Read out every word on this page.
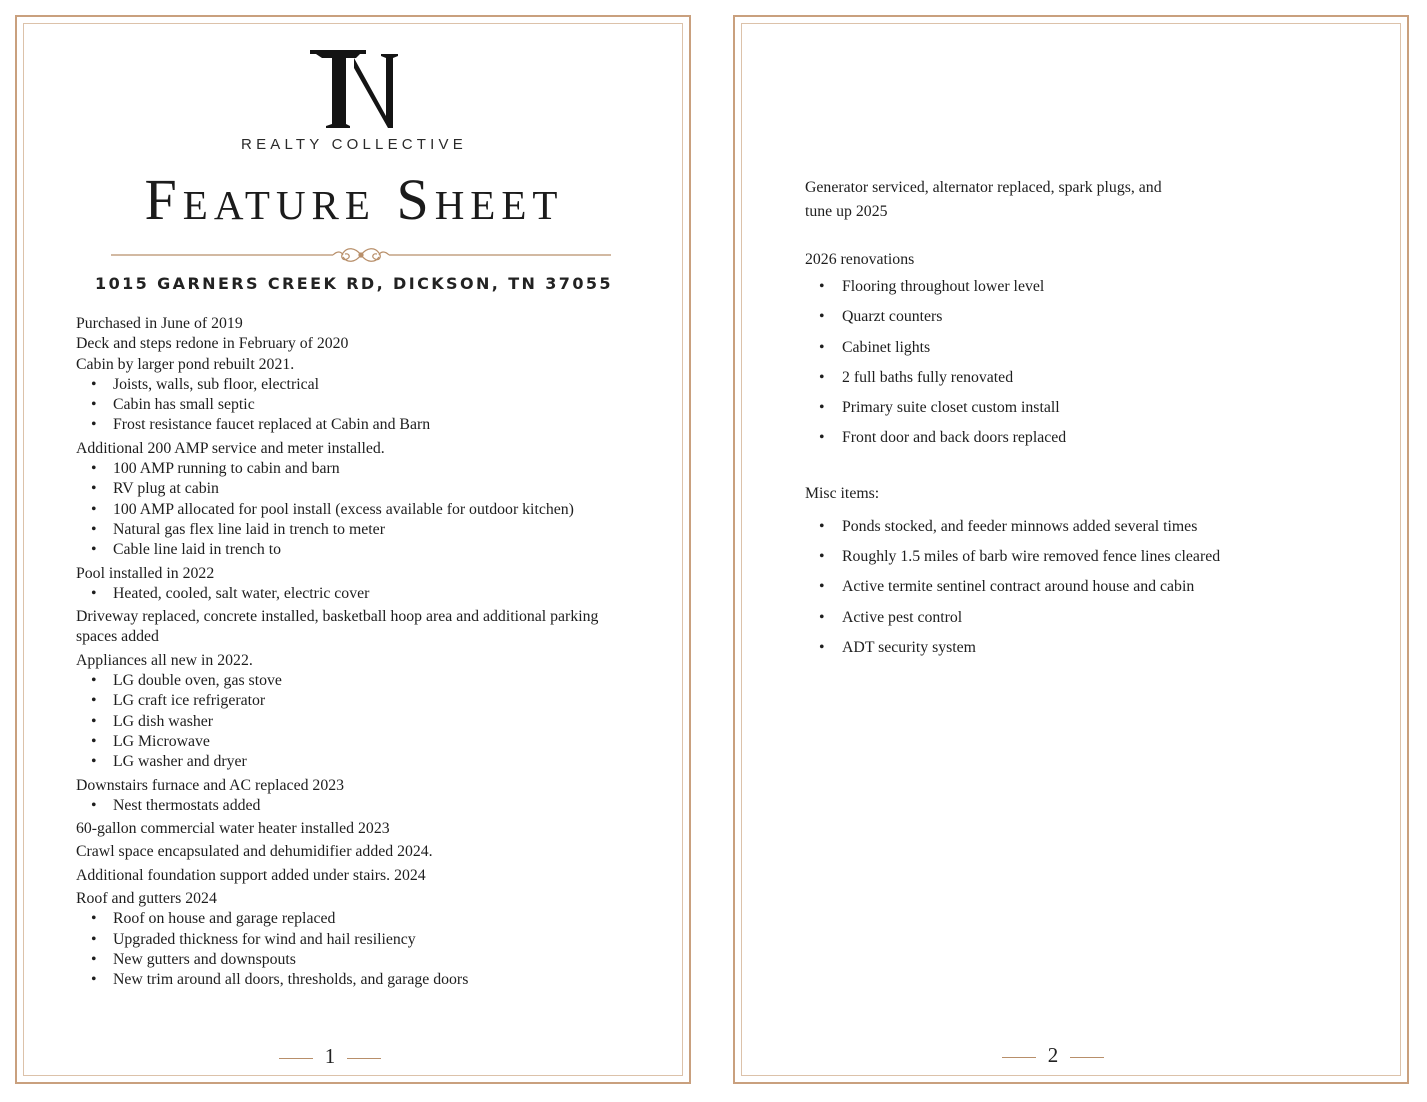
REALTY COLLECTIVE
Feature Sheet
1015 GARNERS CREEK RD, DICKSON, TN 37055
Purchased in June of 2019
Deck and steps redone in February of 2020
Cabin by larger pond rebuilt 2021.
• Joists, walls, sub floor, electrical
• Cabin has small septic
• Frost resistance faucet replaced at Cabin and Barn
Additional 200 AMP service and meter installed.
• 100 AMP running to cabin and barn
• RV plug at cabin
• 100 AMP allocated for pool install (excess available for outdoor kitchen)
• Natural gas flex line laid in trench to meter
• Cable line laid in trench to
Pool installed in 2022
• Heated, cooled, salt water, electric cover
Driveway replaced, concrete installed, basketball hoop area and additional parking spaces added
Appliances all new in 2022.
• LG double oven, gas stove
• LG craft ice refrigerator
• LG dish washer
• LG Microwave
• LG washer and dryer
Downstairs furnace and AC replaced 2023
• Nest thermostats added
60-gallon commercial water heater installed 2023
Crawl space encapsulated and dehumidifier added 2024.
Additional foundation support added under stairs. 2024
Roof and gutters 2024
• Roof on house and garage replaced
• Upgraded thickness for wind and hail resiliency
• New gutters and downspouts
• New trim around all doors, thresholds, and garage doors
1

Generator serviced, alternator replaced, spark plugs, and tune up 2025

2026 renovations

• Flooring throughout lower level
• Quarzt counters
• Cabinet lights
• 2 full baths fully renovated
• Primary suite closet custom install
• Front door and back doors replaced

Misc items:

• Ponds stocked, and feeder minnows added several times
• Roughly 1.5 miles of barb wire removed fence lines cleared
• Active termite sentinel contract around house and cabin
• Active pest control
• ADT security system
2
